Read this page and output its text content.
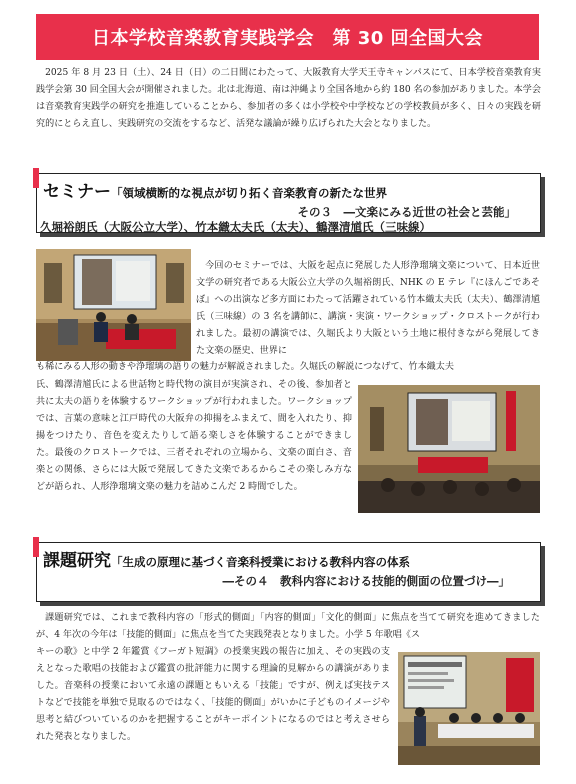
日本学校音楽教育実践学会　第 30 回全国大会

2025 年 8 月 23 日（土）、24 日（日）の二日間にわたって、大阪教育大学天王寺キャンパスにて、日本学校音楽教育実践学会第 30 回全国大会が開催されました。北は北海道、南は沖縄より全国各地から約 180 名の参加がありました。本学会は音楽教育実践学の研究を推進していることから、参加者の多くは小学校や中学校などの学校教員が多く、日々の実践を研究的にとらえ直し、実践研究の交流をするなど、活発な議論が繰り広げられた大会となりました。

セミナー「領域横断的な視点が切り拓く音楽教育の新たな世界
その３　―文楽にみる近世の社会と芸能」
久堀裕朗氏（大阪公立大学）、竹本織太夫氏（太夫）、鶴澤清馗氏（三味線）

今回のセミナーでは、大阪を起点に発展した人形浄瑠璃文楽について、日本近世文学の研究者である大阪公立大学の久堀裕朗氏、NHK の E テレ『にほんごであそぼ』への出演など多方面にわたって活躍されている竹本織太夫氏（太夫）、鶴澤清馗氏（三味線）の 3 名を講師に、講演・実演・ワークショップ・クロストークが行われました。最初の講演では、久堀氏より大阪という土地に根付きながら発展してきた文楽の歴史、世界に

も稀にみる人形の動きや浄瑠璃の語りの魅力が解説されました。久堀氏の解説につなげて、竹本織太夫

氏、鶴澤清馗氏による世話物と時代物の演目が実演され、その後、参加者と共に太夫の語りを体験するワークショップが行われました。ワークショップでは、言葉の意味と江戸時代の大阪弁の抑揚をふまえて、間を入れたり、抑揚をつけたり、音色を変えたりして語る楽しさを体験することができました。最後のクロストークでは、三者それぞれの立場から、文楽の面白さ、音楽との関係、さらには大阪で発展してきた文楽であるからこその楽しみ方などが語られ、人形浄瑠璃文楽の魅力を詰めこんだ 2 時間でした。

課題研究「生成の原理に基づく音楽科授業における教科内容の体系
―その４　教科内容における技能的側面の位置づけ―」

課題研究では、これまで教科内容の「形式的側面」「内容的側面」「文化的側面」に焦点を当てて研究を進めてきましたが、4 年次の今年は「技能的側面」に焦点を当てた実践発表となりました。小学 5 年歌唱《ス

キーの歌》と中学 2 年鑑賞《フーガト短調》の授業実践の報告に加え、その実践の支えとなった歌唱の技能および鑑賞の批評能力に関する理論的見解からの講演がありました。音楽科の授業において永遠の課題ともいえる「技能」ですが、例えば実技テストなどで技能を単独で見取るのではなく、「技能的側面」がいかに子どものイメージや思考と結びついているのかを把握することがキーポイントになるのではと考えさせられた発表となりました。
